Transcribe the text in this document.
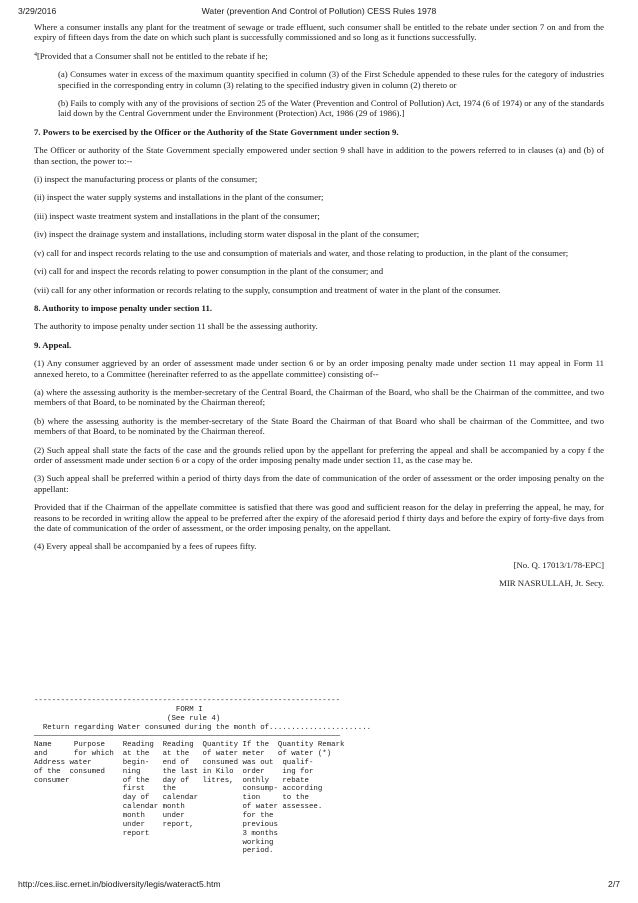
3/29/2016	Water (prevention And Control of Pollution) CESS Rules 1978

Where a consumer installs any plant for the treatment of sewage or trade effluent, such consumer shall be entitled to the rebate under section 7 on and from the expiry of fifteen days from the date on which such plant is successfully commissioned and so long as it functions successfully.

$^4$[Provided that a Consumer shall not be entitled to the rebate if he;

(a) Consumes water in excess of the maximum quantity specified in column (3) of the First Schedule appended to these rules for the category of industries specified in the corresponding entry in column (3) relating to the specified industry given in column (2) thereto or

(b) Fails to comply with any of the provisions of section 25 of the Water (Prevention and Control of Pollution) Act, 1974 (6 of 1974) or any of the standards laid down by the Central Government under the Environment (Protection) Act, 1986 (29 of 1986).]

7. Powers to be exercised by the Officer or the Authority of the State Government under section 9.

The Officer or authority of the State Government specially empowered under section 9 shall have in addition to the powers referred to in clauses (a) and (b) of than section, the power to:--

(i) inspect the manufacturing process or plants of the consumer;

(ii) inspect the water supply systems and installations in the plant of the consumer;

(iii) inspect waste treatment system and installations in the plant of the consumer;

(iv) inspect the drainage system and installations, including storm water disposal in the plant of the consumer;

(v) call for and inspect records relating to the use and consumption of materials and water, and those relating to production, in the plant of the consumer;

(vi) call for and inspect the records relating to power consumption in the plant of the consumer; and

(vii) call for any other information or records relating to the supply, consumption and treatment of water in the plant of the consumer.

8. Authority to impose penalty under section 11.

The authority to impose penalty under section 11 shall be the assessing authority.

9. Appeal.

(1) Any consumer aggrieved by an order of assessment made under section 6 or by an order imposing penalty made under section 11 may appeal in Form 11 annexed hereto, to a Committee (hereinafter referred to as the appellate committee) consisting of--

(a) where the assessing authority is the member-secretary of the Central Board, the Chairman of the Board, who shall be the Chairman of the committee, and two members of that Board, to be nominated by the Chairman thereof;

(b) where the assessing authority is the member-secretary of the State Board the Chairman of that Board who shall be chairman of the Committee, and two members of that Board, to be nominated by the Chairman thereof.

(2) Such appeal shall state the facts of the case and the grounds relied upon by the appellant for preferring the appeal and shall be accompanied by a copy f the order of assessment made under section 6 or a copy of the order imposing penalty made under section 11, as the case may be.

(3) Such appeal shall be preferred within a period of thirty days from the date of communication of the order of assessment or the order imposing penalty on the appellant:

Provided that if the Chairman of the appellate committee is satisfied that there was good and sufficient reason for the delay in preferring the appeal, he may, for reasons to be recorded in writing allow the appeal to be preferred after the expiry of the aforesaid period f thirty days and before the expiry of forty-five days from the date of communication of the order of assessment, or the order imposing penalty, on the appellant.

(4) Every appeal shall be accompanied by a fees of rupees fifty.

[No. Q. 17013/1/78-EPC]

MIR NASRULLAH, Jt. Secy.

---------------------------------------------------------------------
FORM I
(See rule 4)
Return regarding Water consumed during the month of.......................
—————————————————————————————————————————————————————————————————————
Name     Purpose    Reading  Reading  Quantity If the  Quantity Remark
and      for which  at the   at the   of water meter   of water (*)
Address water       begin-   end of   consumed was out  qualif-
of the  consumed    ning     the last in Kilo  order    ing for
consumer            of the   day of   litres,  onthly   rebate
first    the               consump- according
day of   calendar          tion     to the
calendar month             of water assessee.
month    under             for the
under    report,           previous
report                     3 months
working
period.
http://ces.iisc.ernet.in/biodiversity/legis/wateract5.htm	2/7
